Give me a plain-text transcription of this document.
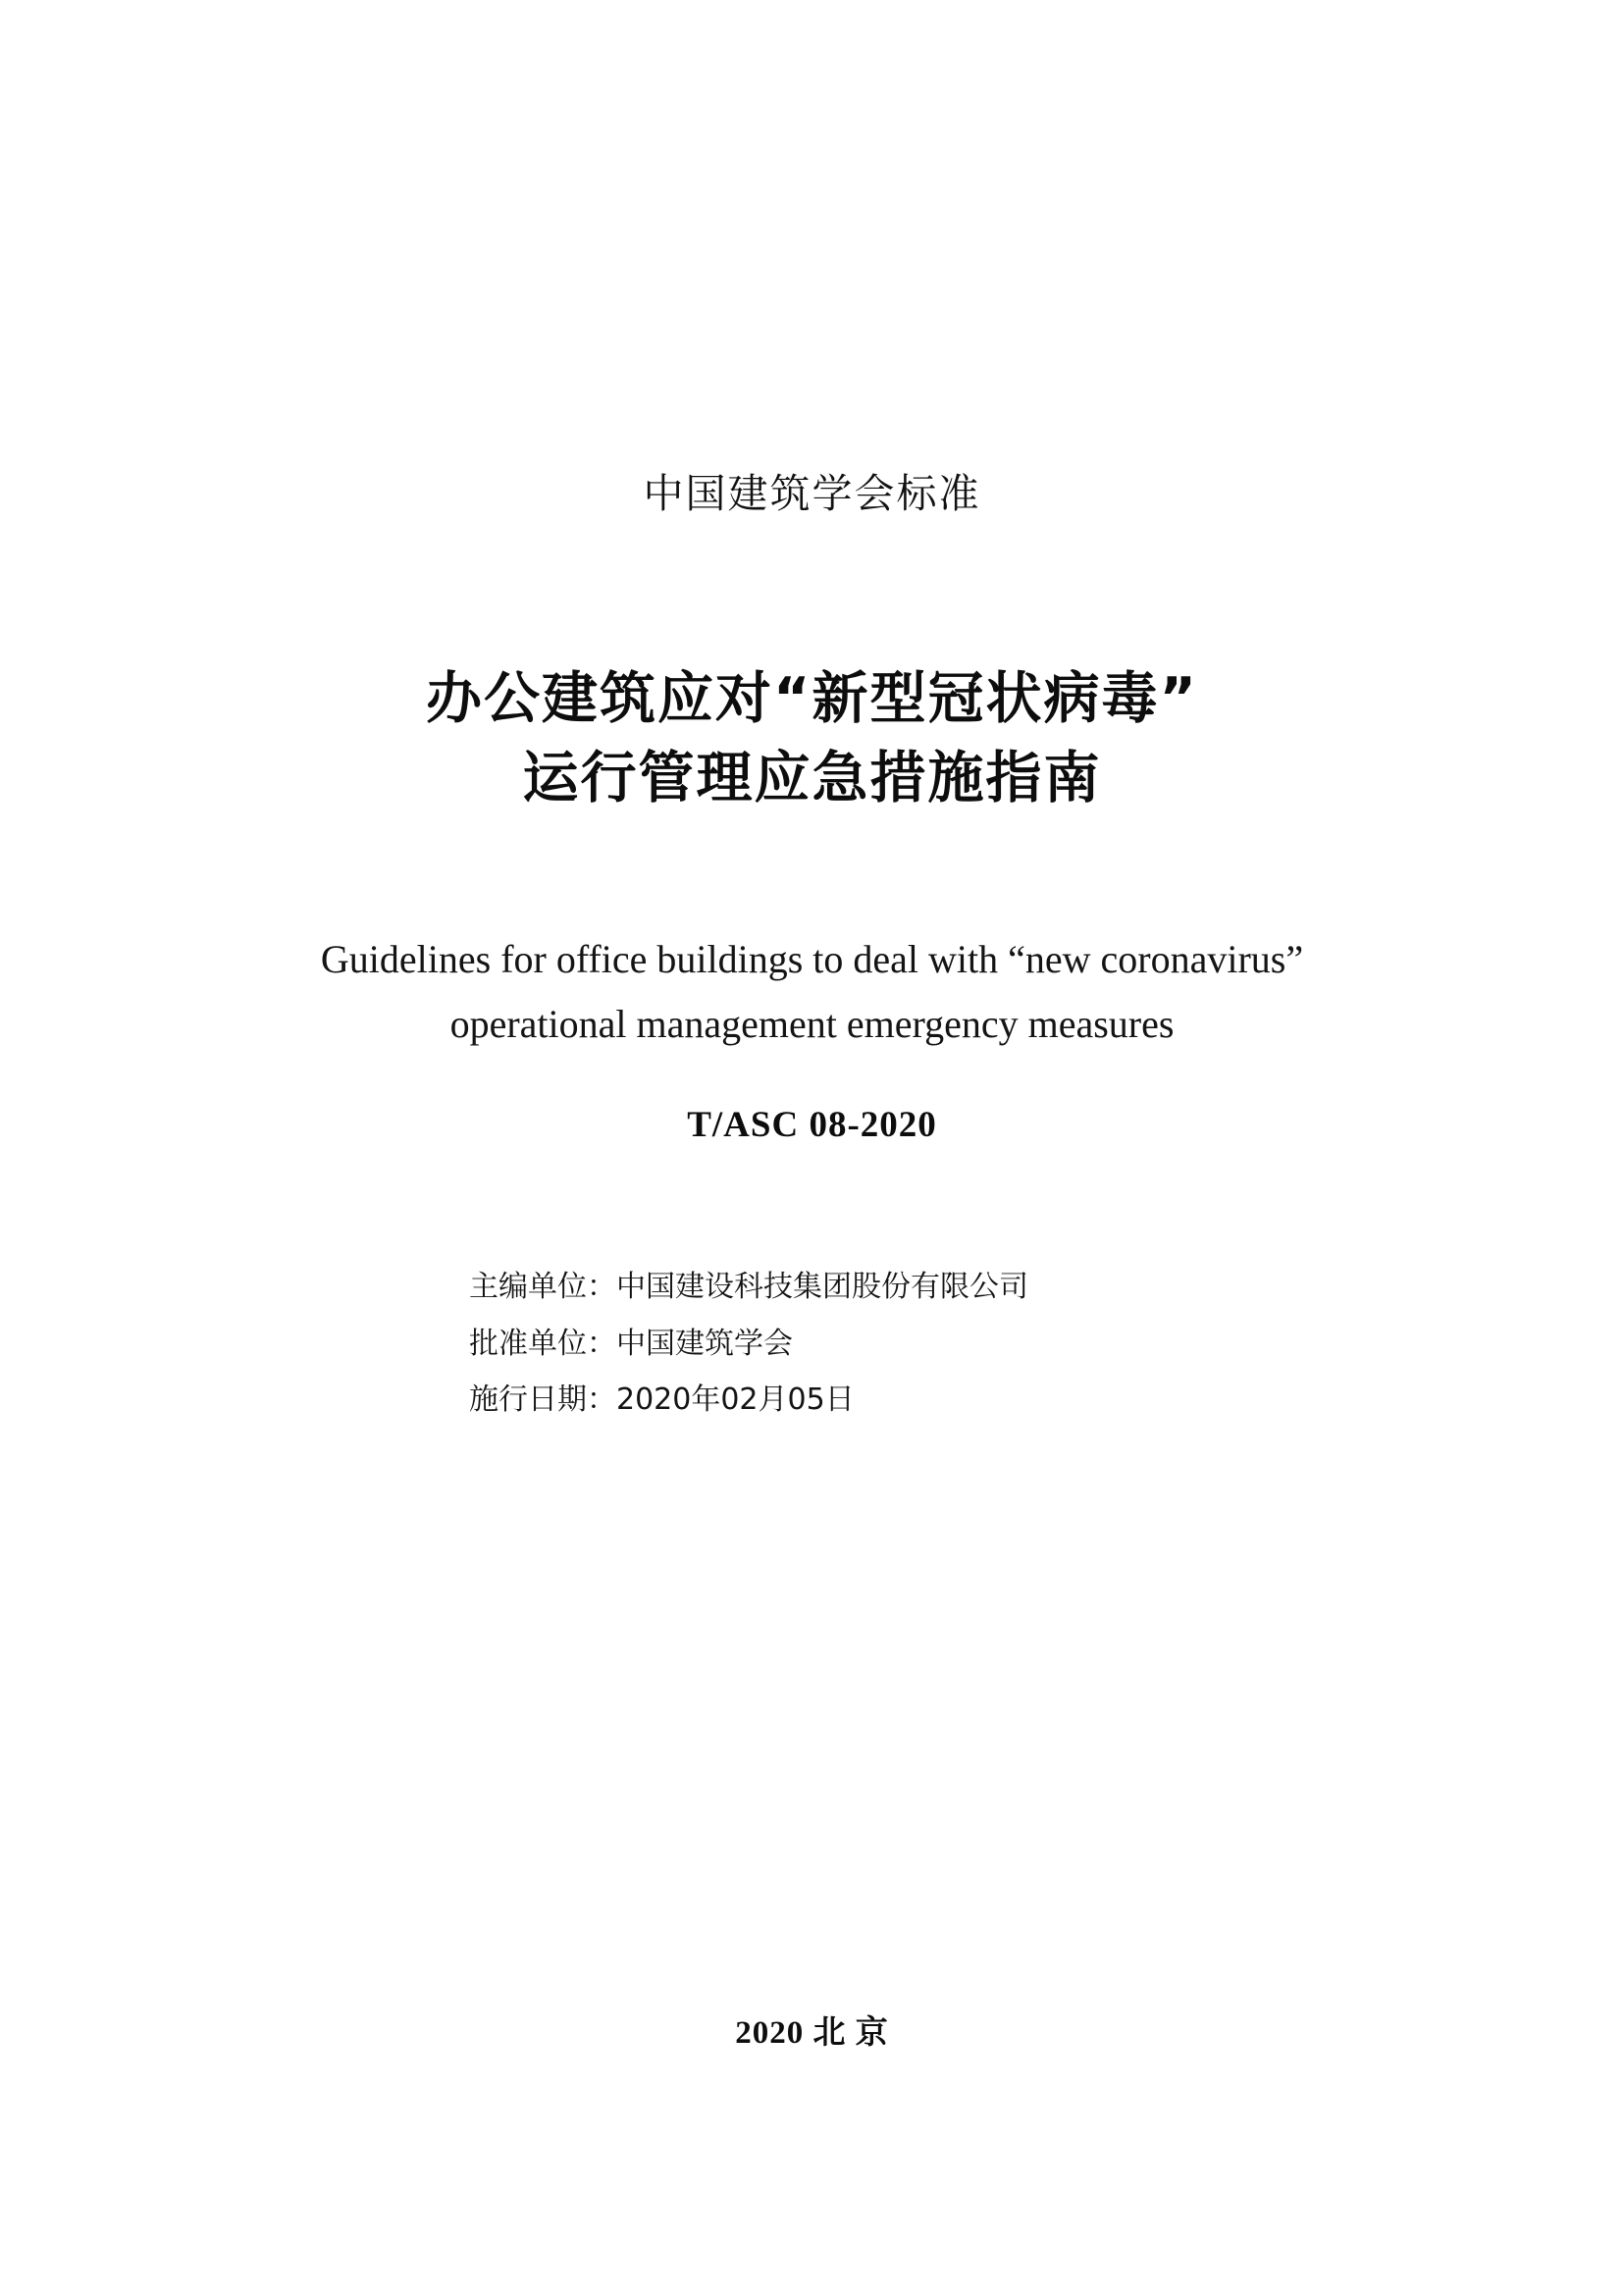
中国建筑学会标准
办公建筑应对“新型冠状病毒”
运行管理应急措施指南
Guidelines for office buildings to deal with “new coronavirus”
operational management emergency measures
T/ASC 08-2020
主编单位：中国建设科技集团股份有限公司
批准单位：中国建筑学会
施行日期：2020年02月05日
2020 北 京
